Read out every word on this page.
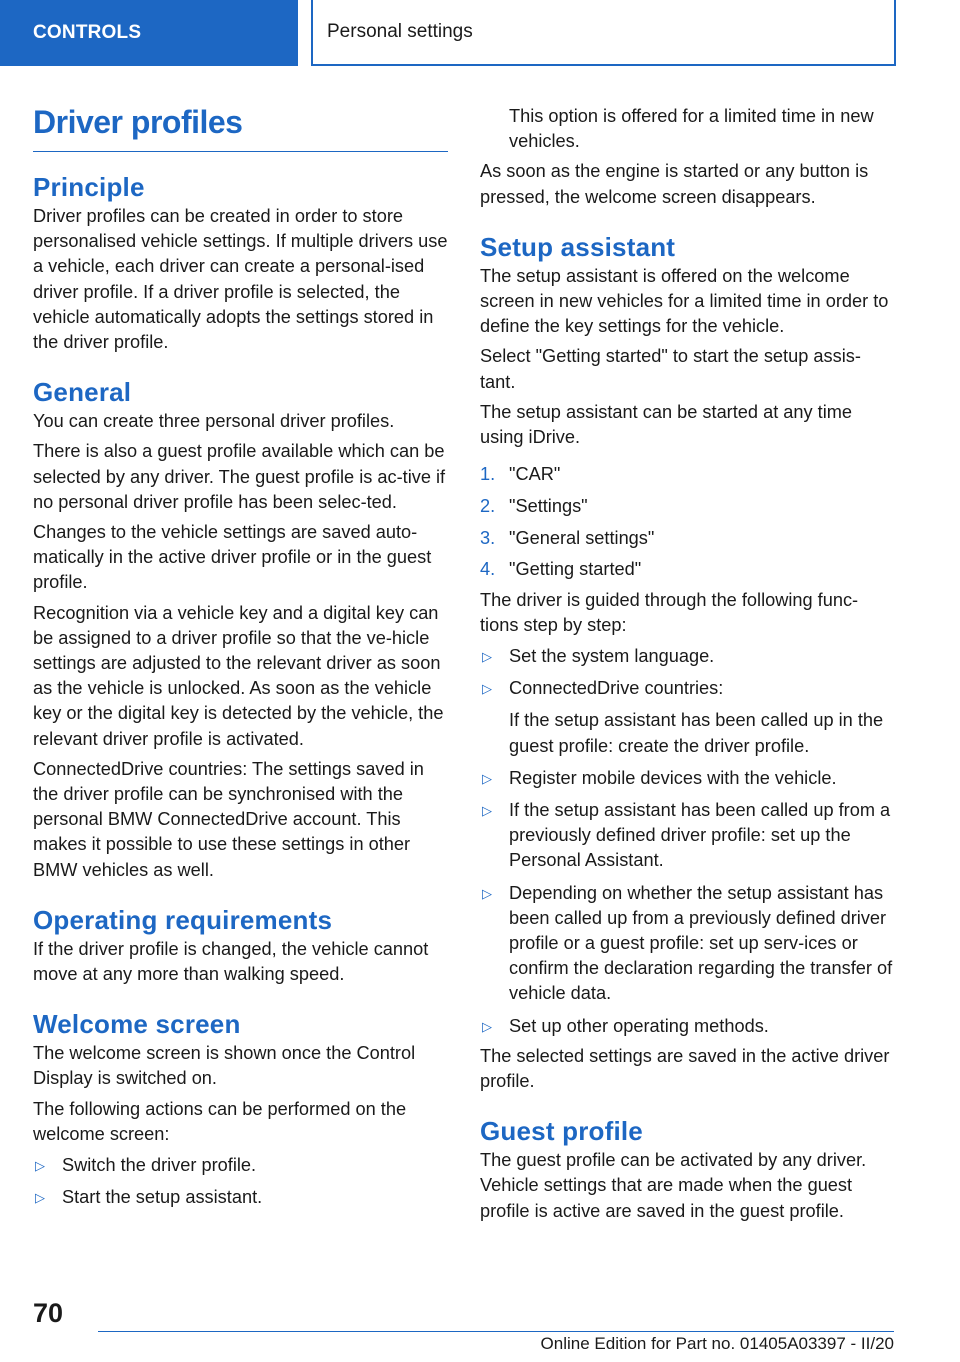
CONTROLS	Personal settings
Driver profiles
Principle

Driver profiles can be created in order to store personalised vehicle settings. If multiple drivers use a vehicle, each driver can create a personal-ised driver profile. If a driver profile is selected, the vehicle automatically adopts the settings stored in the driver profile.

General

You can create three personal driver profiles.

There is also a guest profile available which can be selected by any driver. The guest profile is ac-tive if no personal driver profile has been selec-ted.

Changes to the vehicle settings are saved auto-matically in the active driver profile or in the guest profile.

Recognition via a vehicle key and a digital key can be assigned to a driver profile so that the ve-hicle settings are adjusted to the relevant driver as soon as the vehicle is unlocked. As soon as the vehicle key or the digital key is detected by the vehicle, the relevant driver profile is activated.

ConnectedDrive countries: The settings saved in the driver profile can be synchronised with the personal BMW ConnectedDrive account. This makes it possible to use these settings in other BMW vehicles as well.

Operating requirements

If the driver profile is changed, the vehicle cannot move at any more than walking speed.

Welcome screen

The welcome screen is shown once the Control Display is switched on.

The following actions can be performed on the welcome screen:

▷ Switch the driver profile.
▷ Start the setup assistant.

This option is offered for a limited time in new vehicles.

As soon as the engine is started or any button is pressed, the welcome screen disappears.

Setup assistant

The setup assistant is offered on the welcome screen in new vehicles for a limited time in order to define the key settings for the vehicle.

Select "Getting started" to start the setup assis-tant.

The setup assistant can be started at any time using iDrive.

1. "CAR"
2. "Settings"
3. "General settings"
4. "Getting started"

The driver is guided through the following func-tions step by step:

▷ Set the system language.
▷ ConnectedDrive countries:
If the setup assistant has been called up in the guest profile: create the driver profile.
▷ Register mobile devices with the vehicle.
▷ If the setup assistant has been called up from a previously defined driver profile: set up the Personal Assistant.
▷ Depending on whether the setup assistant has been called up from a previously defined driver profile or a guest profile: set up serv-ices or confirm the declaration regarding the transfer of vehicle data.
▷ Set up other operating methods.

The selected settings are saved in the active driver profile.

Guest profile

The guest profile can be activated by any driver. Vehicle settings that are made when the guest profile is active are saved in the guest profile.

70
Online Edition for Part no. 01405A03397 - II/20
